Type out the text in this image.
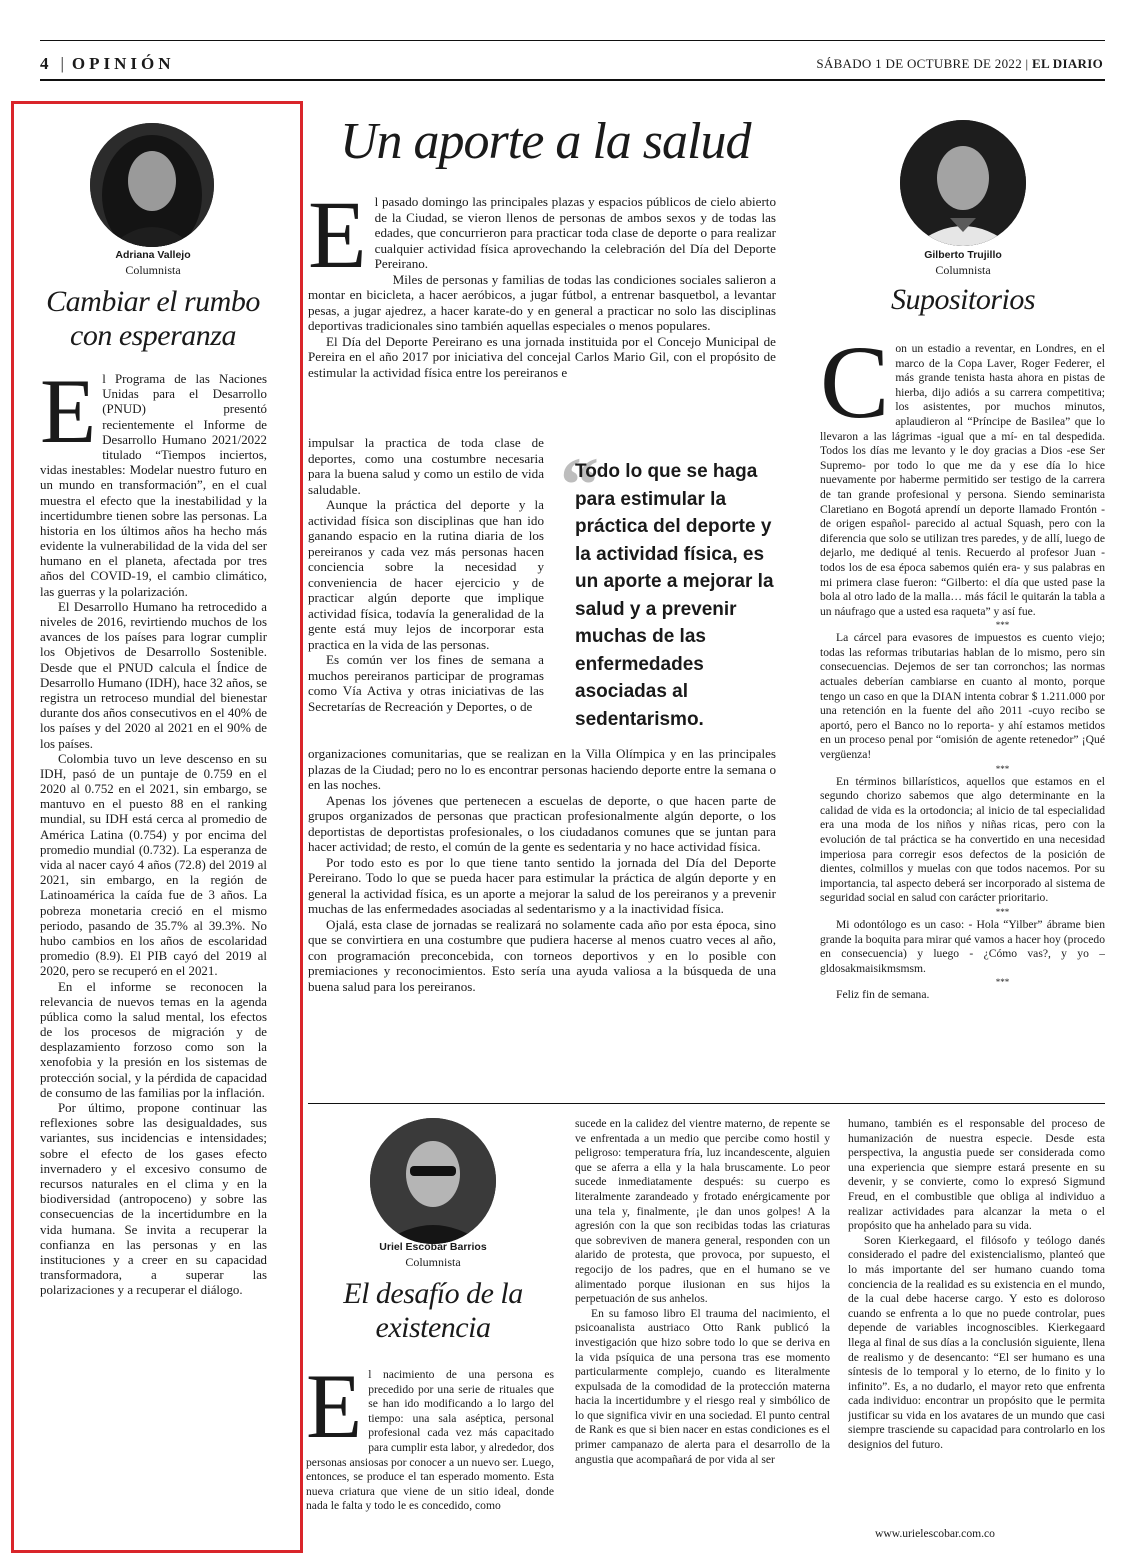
4 | OPINIÓN	SÁBADO 1 DE OCTUBRE DE 2022 | EL DIARIO
Adriana Vallejo
Columnista
Cambiar el rumbo
con esperanza
E l Programa de las Naciones Unidas para el Desarrollo (PNUD) presentó recientemente el Informe de Desarrollo Humano 2021/2022 titulado “Tiempos inciertos, vidas inestables: Modelar nuestro futuro en un mundo en transformación”, en el cual muestra el efecto que la inestabilidad y la incertidumbre tienen sobre las personas. La historia en los últimos años ha hecho más evidente la vulnerabilidad de la vida del ser humano en el planeta, afectada por tres años del COVID-19, el cambio climático, las guerras y la polarización.

El Desarrollo Humano ha retrocedido a niveles de 2016, revirtiendo muchos de los avances de los países para lograr cumplir los Objetivos de Desarrollo Sostenible. Desde que el PNUD calcula el Índice de Desarrollo Humano (IDH), hace 32 años, se registra un retroceso mundial del bienestar durante dos años consecutivos en el 40% de los países y del 2020 al 2021 en el 90% de los países.

Colombia tuvo un leve descenso en su IDH, pasó de un puntaje de 0.759 en el 2020 al 0.752 en el 2021, sin embargo, se mantuvo en el puesto 88 en el ranking mundial, su IDH está cerca al promedio de América Latina (0.754) y por encima del promedio mundial (0.732). La esperanza de vida al nacer cayó 4 años (72.8) del 2019 al 2021, sin embargo, en la región de Latinoamérica la caída fue de 3 años. La pobreza monetaria creció en el mismo periodo, pasando de 35.7% al 39.3%. No hubo cambios en los años de escolaridad promedio (8.9). El PIB cayó del 2019 al 2020, pero se recuperó en el 2021.

En el informe se reconocen la relevancia de nuevos temas en la agenda pública como la salud mental, los efectos de los procesos de migración y de desplazamiento forzoso como son la xenofobia y la presión en los sistemas de protección social, y la pérdida de capacidad de consumo de las familias por la inflación.

Por último, propone continuar las reflexiones sobre las desigualdades, sus variantes, sus incidencias e intensidades; sobre el efecto de los gases efecto invernadero y el excesivo consumo de recursos naturales en el clima y en la biodiversidad (antropoceno) y sobre las consecuencias de la incertidumbre en la vida humana. Se invita a recuperar la confianza en las personas y en las instituciones y a creer en su capacidad transformadora, a superar las polarizaciones y a recuperar el diálogo.

Un aporte a la salud
E l pasado domingo las principales plazas y espacios públicos de cielo abierto de la Ciudad, se vieron llenos de personas de ambos sexos y de todas las edades, que concurrieron para practicar toda clase de deporte o para realizar cualquier actividad física aprovechando la celebración del Día del Deporte Pereirano.

Miles de personas y familias de todas las condiciones sociales salieron a montar en bicicleta, a hacer aeróbicos, a jugar fútbol, a entrenar basquetbol, a levantar pesas, a jugar ajedrez, a hacer karate-do y en general a practicar no solo las disciplinas deportivas tradicionales sino también aquellas especiales o menos populares.

El Día del Deporte Pereirano es una jornada instituida por el Concejo Municipal de Pereira en el año 2017 por iniciativa del concejal Carlos Mario Gil, con el propósito de estimular la actividad física entre los pereiranos e

impulsar la practica de toda clase de deportes, como una costumbre necesaria para la buena salud y como un estilo de vida saludable.

Aunque la práctica del deporte y la actividad física son disciplinas que han ido ganando espacio en la rutina diaria de los pereiranos y cada vez más personas hacen conciencia sobre la necesidad y conveniencia de hacer ejercicio y de practicar algún deporte que implique actividad física, todavía la generalidad de la gente está muy lejos de incorporar esta practica en la vida de las personas.

Es común ver los fines de semana a muchos pereiranos participar de programas como Vía Activa y otras iniciativas de las Secretarías de Recreación y Deportes, o de

organizaciones comunitarias, que se realizan en la Villa Olímpica y en las principales plazas de la Ciudad; pero no lo es encontrar personas haciendo deporte entre la semana o en las noches.

Apenas los jóvenes que pertenecen a escuelas de deporte, o que hacen parte de grupos organizados de personas que practican profesionalmente algún deporte, o los deportistas de deportistas profesionales, o los ciudadanos comunes que se juntan para hacer actividad; de resto, el común de la gente es sedentaria y no hace actividad física.

Por todo esto es por lo que tiene tanto sentido la jornada del Día del Deporte Pereirano. Todo lo que se pueda hacer para estimular la práctica de algún deporte y en general la actividad física, es un aporte a mejorar la salud de los pereiranos y a prevenir muchas de las enfermedades asociadas al sedentarismo y a la inactividad física.

Ojalá, esta clase de jornadas se realizará no solamente cada año por esta época, sino que se convirtiera en una costumbre que pudiera hacerse al menos cuatro veces al año, con programación preconcebida, con torneos deportivos y en lo posible con premiaciones y reconocimientos. Esto sería una ayuda valiosa a la búsqueda de una buena salud para los pereiranos.

“
Todo lo que se haga para estimular la práctica del deporte y la actividad física, es un aporte a mejorar la salud y a prevenir muchas de las enfermedades asociadas al sedentarismo.
Gilberto Trujillo
Columnista
Supositorios
C on un estadio a reventar, en Londres, en el marco de la Copa Laver, Roger Federer, el más grande tenista hasta ahora en pistas de hierba, dijo adiós a su carrera competitiva; los asistentes, por muchos minutos, aplaudieron al “Príncipe de Basilea” que lo llevaron a las lágrimas -igual que a mí- en tal despedida. Todos los días me levanto y le doy gracias a Dios -ese Ser Supremo- por todo lo que me da y ese día lo hice nuevamente por haberme permitido ser testigo de la carrera de tan grande profesional y persona. Siendo seminarista Claretiano en Bogotá aprendí un deporte llamado Frontón -de origen español- parecido al actual Squash, pero con la diferencia que solo se utilizan tres paredes, y de allí, luego de dejarlo, me dediqué al tenis. Recuerdo al profesor Juan -todos los de esa época sabemos quién era- y sus palabras en mi primera clase fueron: “Gilberto: el día que usted pase la bola al otro lado de la malla… más fácil le quitarán la tabla a un náufrago que a usted esa raqueta” y así fue.

***

La cárcel para evasores de impuestos es cuento viejo; todas las reformas tributarias hablan de lo mismo, pero sin consecuencias. Dejemos de ser tan corronchos; las normas actuales deberían cambiarse en cuanto al monto, porque tengo un caso en que la DIAN intenta cobrar $ 1.211.000 por una retención en la fuente del año 2011 -cuyo recibo se aportó, pero el Banco no lo reporta- y ahí estamos metidos en un proceso penal por “omisión de agente retenedor” ¡Qué vergüenza!

***

En términos billarísticos, aquellos que estamos en el segundo chorizo sabemos que algo determinante en la calidad de vida es la ortodoncia; al inicio de tal especialidad era una moda de los niños y niñas ricas, pero con la evolución de tal práctica se ha convertido en una necesidad imperiosa para corregir esos defectos de la posición de dientes, colmillos y muelas con que todos nacemos. Por su importancia, tal aspecto deberá ser incorporado al sistema de seguridad social en salud con carácter prioritario.

***

Mi odontólogo es un caso: - Hola “Yilber” ábrame bien grande la boquita para mirar qué vamos a hacer hoy (procedo en consecuencia) y luego - ¿Cómo vas?, y yo – gldosakmaisikmsmsm.

***

Feliz fin de semana.

Uriel Escobar Barrios
Columnista
El desafío de la
existencia
E l nacimiento de una persona es precedido por una serie de rituales que se han ido modificando a lo largo del tiempo: una sala aséptica, personal profesional cada vez más capacitado para cumplir esta labor, y alrededor, dos personas ansiosas por conocer a un nuevo ser. Luego, entonces, se produce el tan esperado momento. Esta nueva criatura que viene de un sitio ideal, donde nada le falta y todo le es concedido, como

sucede en la calidez del vientre materno, de repente se ve enfrentada a un medio que percibe como hostil y peligroso: temperatura fría, luz incandescente, alguien que se aferra a ella y la hala bruscamente. Lo peor sucede inmediatamente después: su cuerpo es literalmente zarandeado y frotado enérgicamente por una tela y, finalmente, ¡le dan unos golpes! A la agresión con la que son recibidas todas las criaturas que sobreviven de manera general, responden con un alarido de protesta, que provoca, por supuesto, el regocijo de los padres, que en el humano se ve alimentado porque ilusionan en sus hijos la perpetuación de sus anhelos.

En su famoso libro El trauma del nacimiento, el psicoanalista austriaco Otto Rank publicó la investigación que hizo sobre todo lo que se deriva en la vida psíquica de una persona tras ese momento particularmente complejo, cuando es literalmente expulsada de la comodidad de la protección materna hacia la incertidumbre y el riesgo real y simbólico de lo que significa vivir en una sociedad. El punto central de Rank es que si bien nacer en estas condiciones es el primer campanazo de alerta para el desarrollo de la angustia que acompañará de por vida al ser

humano, también es el responsable del proceso de humanización de nuestra especie. Desde esta perspectiva, la angustia puede ser considerada como una experiencia que siempre estará presente en su devenir, y se convierte, como lo expresó Sigmund Freud, en el combustible que obliga al individuo a realizar actividades para alcanzar la meta o el propósito que ha anhelado para su vida.

Soren Kierkegaard, el filósofo y teólogo danés considerado el padre del existencialismo, planteó que lo más importante del ser humano cuando toma conciencia de la realidad es su existencia en el mundo, de la cual debe hacerse cargo. Y esto es doloroso cuando se enfrenta a lo que no puede controlar, pues depende de variables incognoscibles. Kierkegaard llega al final de sus días a la conclusión siguiente, llena de realismo y de desencanto: “El ser humano es una síntesis de lo temporal y lo eterno, de lo finito y lo infinito”. Es, a no dudarlo, el mayor reto que enfrenta cada individuo: encontrar un propósito que le permita justificar su vida en los avatares de un mundo que casi siempre trasciende su capacidad para controlarlo en los designios del futuro.

www.urielescobar.com.co
